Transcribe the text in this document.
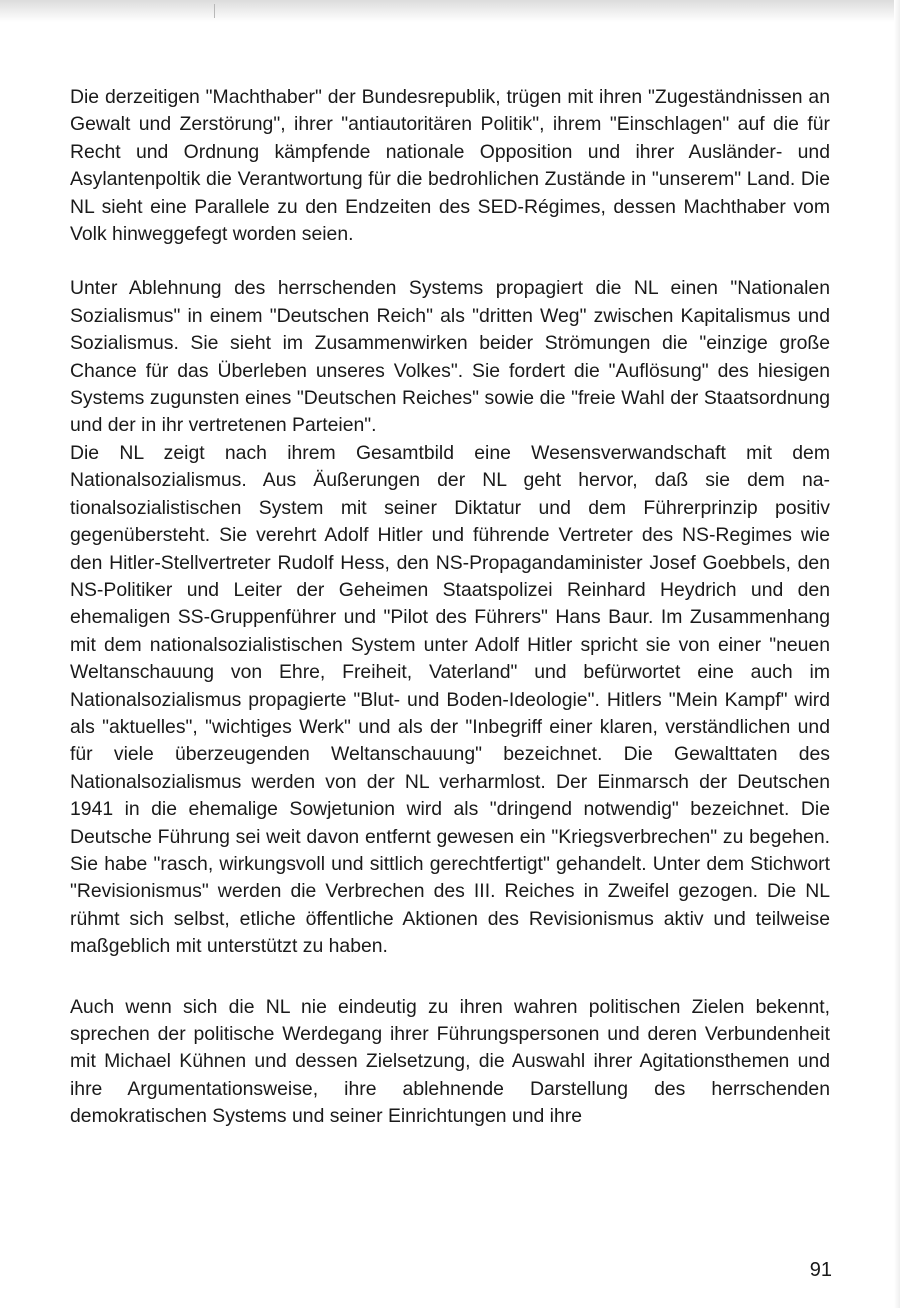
Die derzeitigen "Machthaber" der Bundesrepublik, trügen mit ihren "Zugeständnissen an Gewalt und Zerstörung", ihrer "antiautoritären Politik", ihrem "Einschlagen" auf die für Recht und Ordnung kämpfende nationale Opposition und ihrer Ausländer- und Asylantenpoltik die Verantwortung für die bedrohlichen Zustände in "unserem" Land. Die NL sieht eine Parallele zu den Endzeiten des SED-Régimes, dessen Machthaber vom Volk hinweggefegt worden seien.

Unter Ablehnung des herrschenden Systems propagiert die NL einen "Nationalen Sozialismus" in einem "Deutschen Reich" als "dritten Weg" zwischen Kapitalismus und Sozialismus. Sie sieht im Zusammenwirken beider Strömungen die "einzige große Chance für das Überleben unseres Volkes". Sie fordert die "Auflösung" des hiesigen Systems zugunsten eines "Deutschen Reiches" sowie die "freie Wahl der Staatsordnung und der in ihr vertretenen Parteien".

Die NL zeigt nach ihrem Gesamtbild eine Wesensverwandschaft mit dem Nationalsozialismus. Aus Äußerungen der NL geht hervor, daß sie dem nationalsozialistischen System mit seiner Diktatur und dem Führerprinzip positiv gegenübersteht. Sie verehrt Adolf Hitler und führende Vertreter des NS-Regimes wie den Hitler-Stellvertreter Rudolf Hess, den NS-Propagandaminister Josef Goebbels, den NS-Politiker und Leiter der Geheimen Staatspolizei Reinhard Heydrich und den ehemaligen SS-Gruppenführer und "Pilot des Führers" Hans Baur. Im Zusammenhang mit dem nationalsozialistischen System unter Adolf Hitler spricht sie von einer "neuen Weltanschauung von Ehre, Freiheit, Vaterland" und befürwortet eine auch im Nationalsozialismus propagierte "Blut- und Boden-Ideologie". Hitlers "Mein Kampf" wird als "aktuelles", "wichtiges Werk" und als der "Inbegriff einer klaren, verständlichen und für viele überzeugenden Weltanschauung" bezeichnet. Die Gewalttaten des Nationalsozialismus werden von der NL verharmlost. Der Einmarsch der Deutschen 1941 in die ehemalige Sowjetunion wird als "dringend notwendig" bezeichnet. Die Deutsche Führung sei weit davon entfernt gewesen ein "Kriegsverbrechen" zu begehen. Sie habe "rasch, wirkungsvoll und sittlich gerechtfertigt" gehandelt. Unter dem Stichwort "Revisionismus" werden die Verbrechen des III. Reiches in Zweifel gezogen. Die NL rühmt sich selbst, etliche öffentliche Aktionen des Revisionismus aktiv und teilweise maßgeblich mit unterstützt zu haben.

Auch wenn sich die NL nie eindeutig zu ihren wahren politischen Zielen bekennt, sprechen der politische Werdegang ihrer Führungspersonen und deren Verbundenheit mit Michael Kühnen und dessen Zielsetzung, die Auswahl ihrer Agitationsthemen und ihre Argumentationsweise, ihre ablehnende Darstellung des herrschenden demokratischen Systems und seiner Einrichtungen und ihre

91
